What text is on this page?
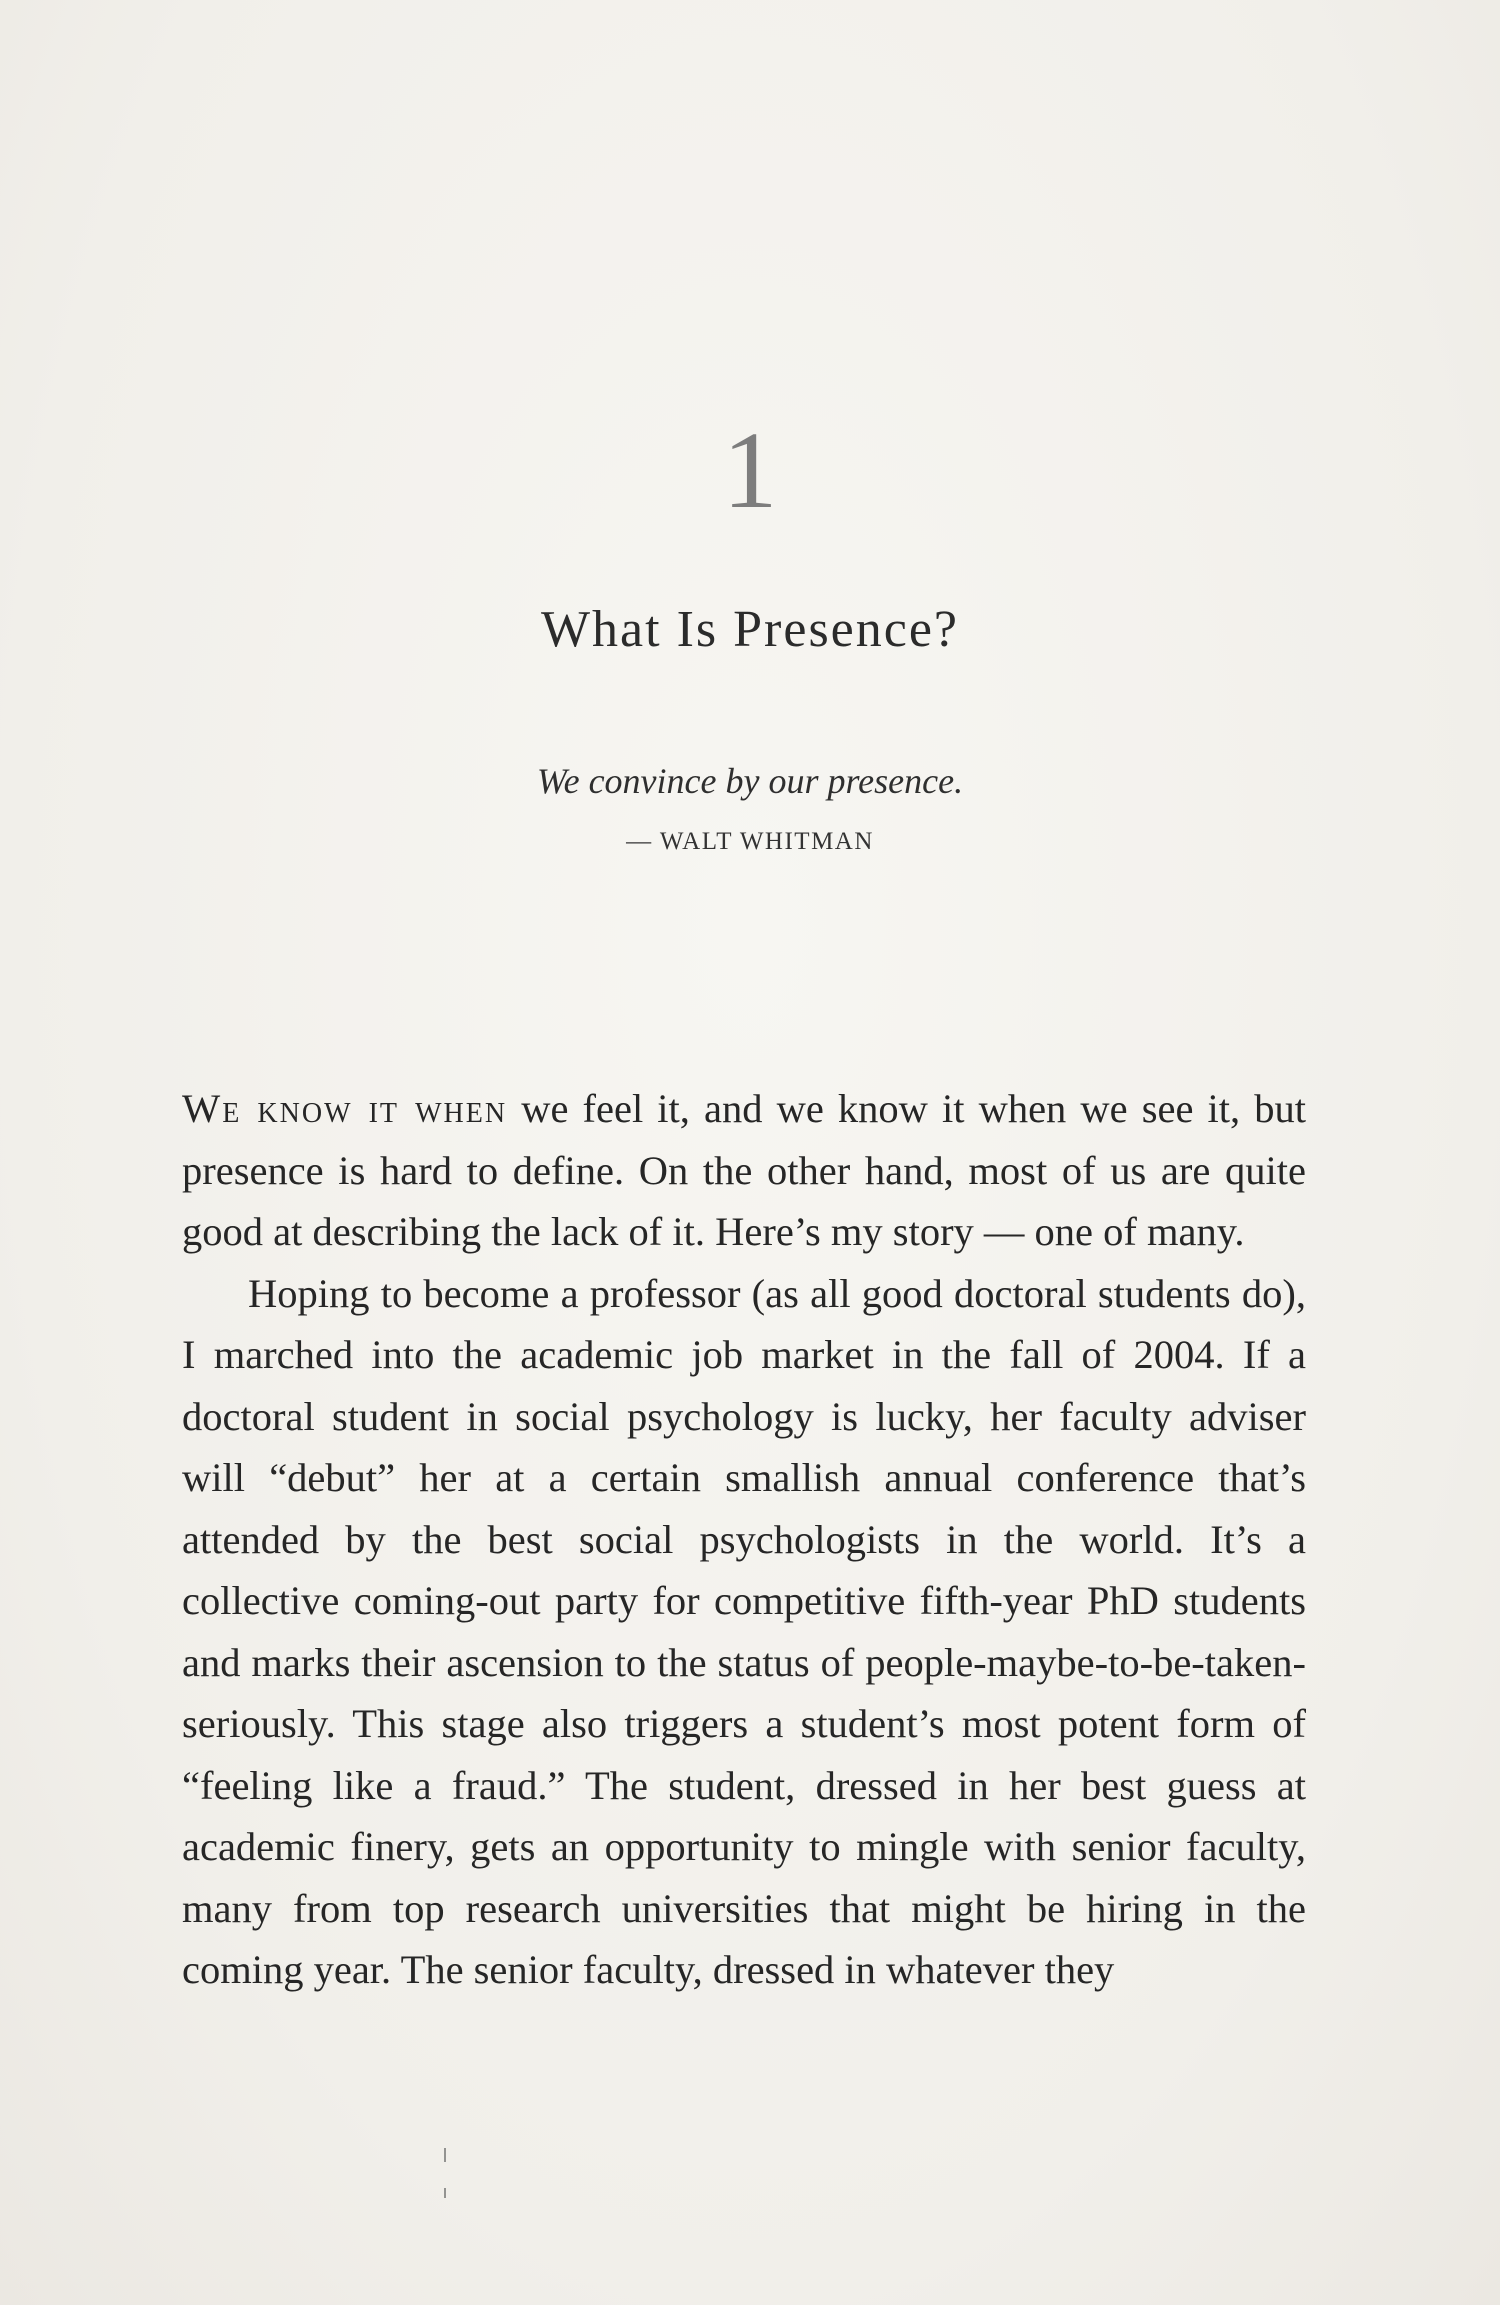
1
What Is Presence?
We convince by our presence.
— WALT WHITMAN

We know it when we feel it, and we know it when we see it, but presence is hard to define. On the other hand, most of us are quite good at describing the lack of it. Here’s my story — one of many.

Hoping to become a professor (as all good doctoral students do), I marched into the academic job market in the fall of 2004. If a doctoral student in social psychology is lucky, her faculty adviser will “debut” her at a certain smallish annual conference that’s attended by the best social psychologists in the world. It’s a collective coming-out party for competitive fifth-year PhD students and marks their ascension to the status of people-maybe-to-be-taken-seriously. This stage also triggers a student’s most potent form of “feeling like a fraud.” The student, dressed in her best guess at academic finery, gets an opportunity to mingle with senior faculty, many from top research universities that might be hiring in the coming year. The senior faculty, dressed in whatever they
